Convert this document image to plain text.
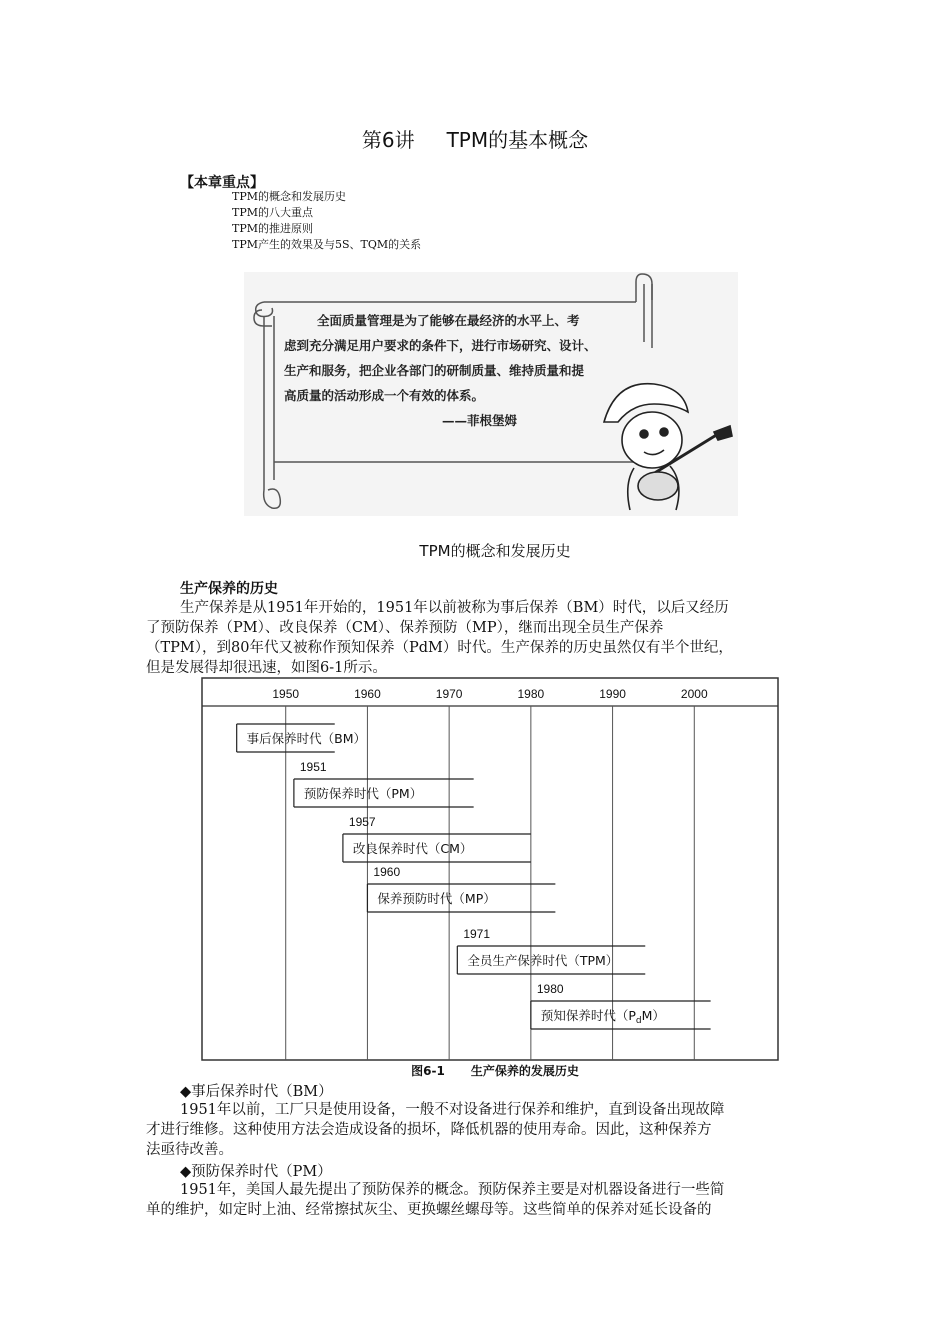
第6讲 TPM的基本概念
【本章重点】
TPM的概念和发展历史
TPM的八大重点
TPM的推进原则
TPM产生的效果及与5S、TQM的关系
全面质量管理是为了能够在最经济的水平上、考
虑到充分满足用户要求的条件下，进行市场研究、设计、
生产和服务，把企业各部门的研制质量、维持质量和提
高质量的活动形成一个有效的体系。
——菲根堡姆
TPM的概念和发展历史
生产保养的历史
生产保养是从1951年开始的，1951年以前被称为事后保养（BM）时代，以后又经历
了预防保养（PM）、改良保养（CM）、保养预防（MP），继而出现全员生产保养
（TPM），到80年代又被称作预知保养（PdM）时代。生产保养的历史虽然仅有半个世纪，
但是发展得却很迅速，如图6-1所示。
1950	1960	1970	1980	1990	2000
事后保养时代（BM）
预防保养时代（PM）
1951
改良保养时代（CM）
1957
保养预防时代（MP）
1960
全员生产保养时代（TPM）
1971
预知保养时代$(P_dM)$
1980
图6-1 生产保养的发展历史
◆事后保养时代（BM）
1951年以前，工厂只是使用设备，一般不对设备进行保养和维护，直到设备出现故障
才进行维修。这种使用方法会造成设备的损坏，降低机器的使用寿命。因此，这种保养方
法亟待改善。
◆预防保养时代（PM）
1951年，美国人最先提出了预防保养的概念。预防保养主要是对机器设备进行一些简
单的维护，如定时上油、经常擦拭灰尘、更换螺丝螺母等。这些简单的保养对延长设备的
